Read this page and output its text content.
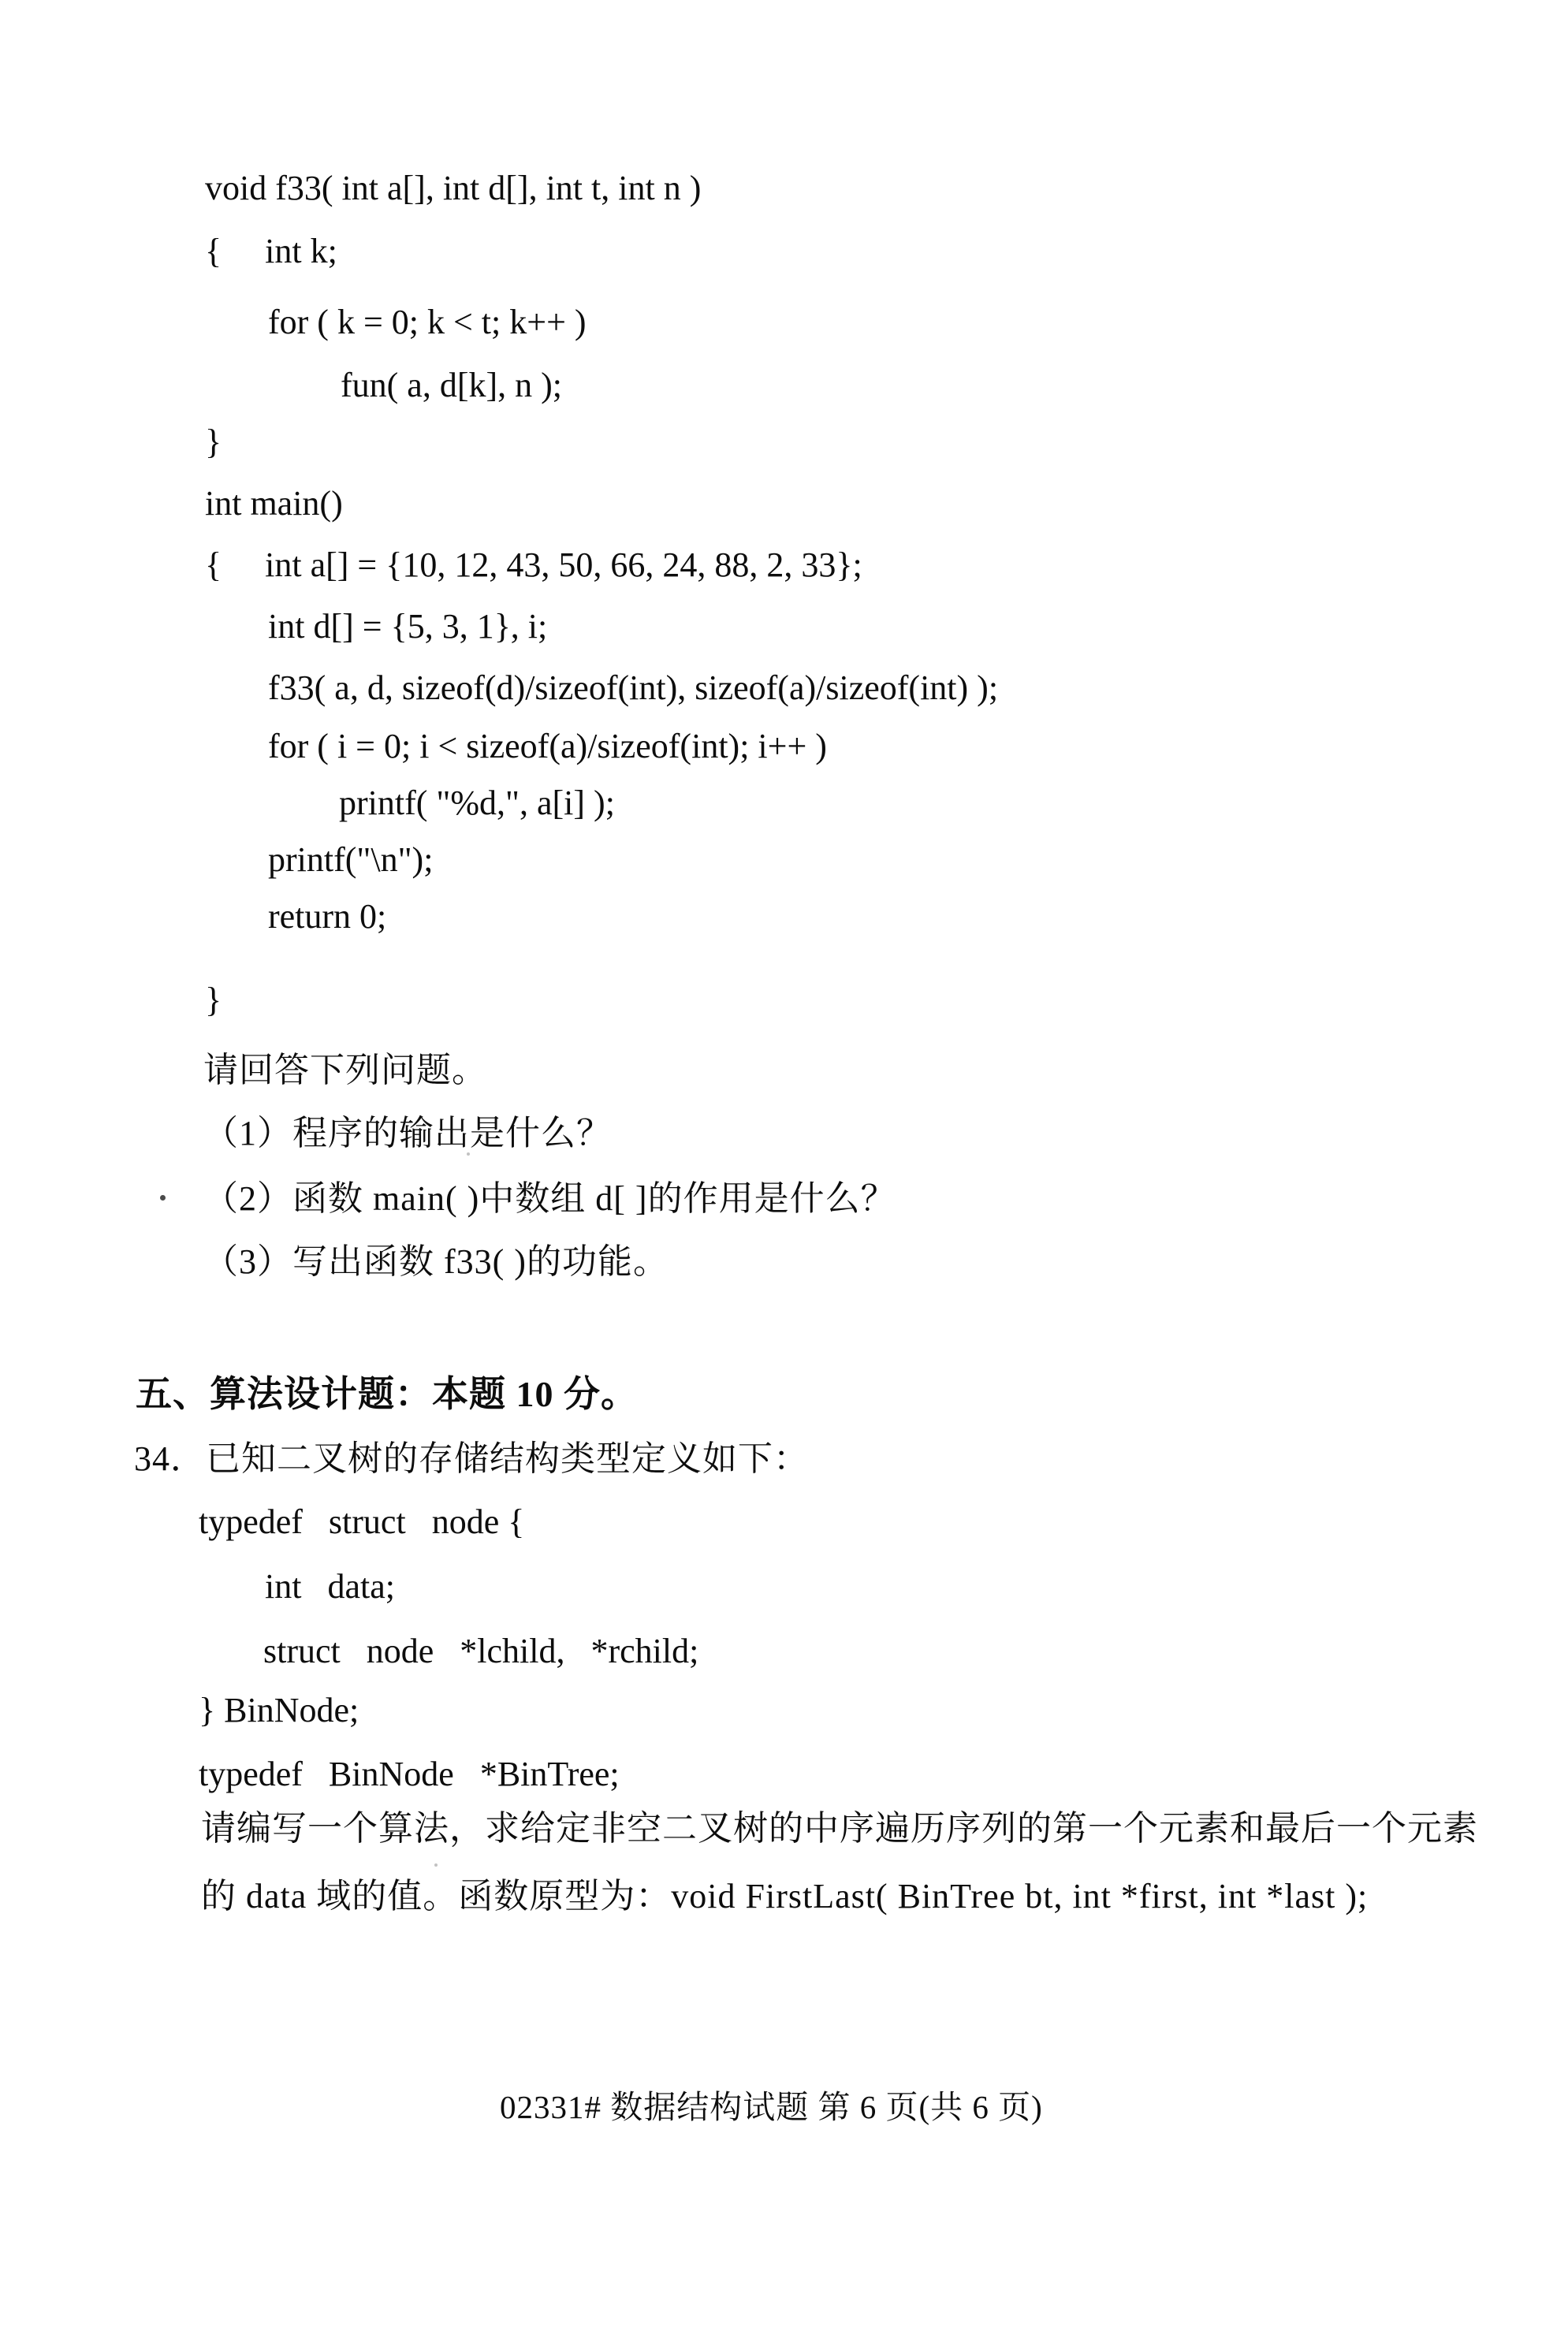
void f33( int a[], int d[], int t, int n )
{     int k;
for ( k = 0; k < t; k++ )
fun( a, d[k], n );
}
int main()
{     int a[] = {10, 12, 43, 50, 66, 24, 88, 2, 33};
int d[] = {5, 3, 1}, i;
f33( a, d, sizeof(d)/sizeof(int), sizeof(a)/sizeof(int) );
for ( i = 0; i < sizeof(a)/sizeof(int); i++ )
printf( "%d,", a[i] );
printf("\n");
return 0;
}
请回答下列问题。
（1）程序的输出是什么？
（2）函数 main( )中数组 d[ ]的作用是什么？
（3）写出函数 f33( )的功能。
五、算法设计题：本题 10 分。
34．已知二叉树的存储结构类型定义如下：
typedef   struct   node {
int   data;
struct   node   *lchild,   *rchild;
} BinNode;
typedef   BinNode   *BinTree;
请编写一个算法，求给定非空二叉树的中序遍历序列的第一个元素和最后一个元素
的 data 域的值。函数原型为：void FirstLast( BinTree bt, int *first, int *last );
02331# 数据结构试题 第 6 页(共 6 页)
